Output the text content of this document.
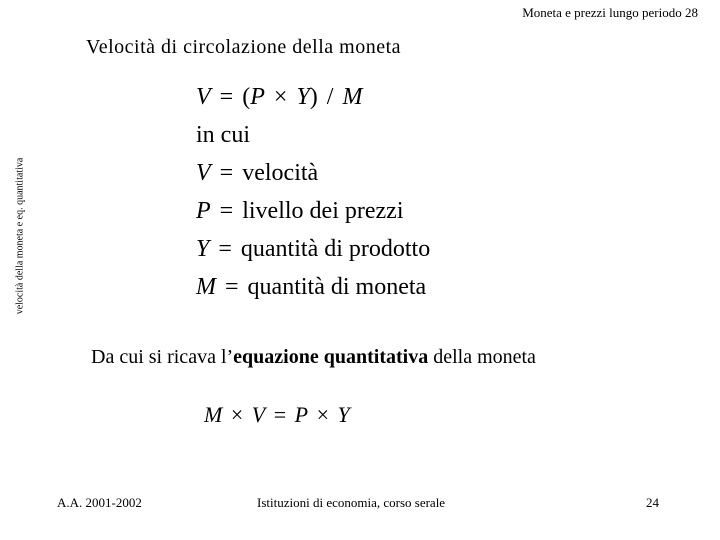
Moneta e prezzi lungo periodo 28
Velocità di circolazione della moneta
velocità della moneta e eq. quantitativa
V = (P × Y) / M
in cui
V = velocità
P = livello dei prezzi
Y = quantità di prodotto
M = quantità di moneta
Da cui si ricava l’equazione quantitativa della moneta
M × V = P × Y
A.A. 2001-2002	Istituzioni di economia, corso serale	24
